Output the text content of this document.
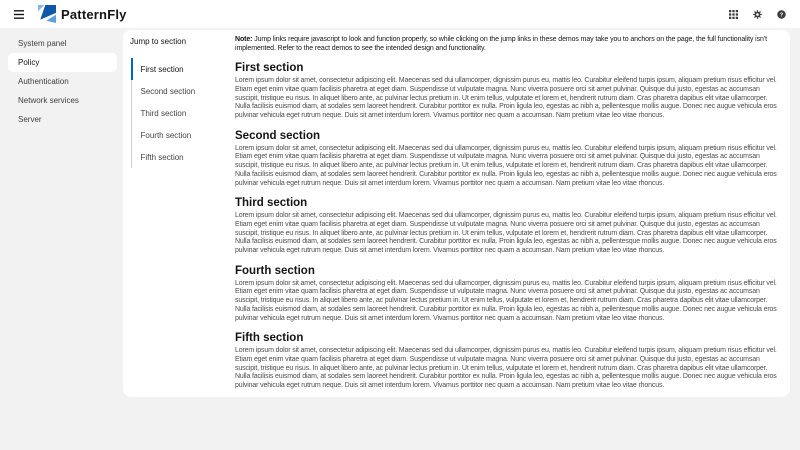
PatternFly	?
System panel
Policy
Authentication
Network services
Server
Jump to section
First section
Second section
Third section
Fourth section
Fifth section

Note: Jump links require javascript to look and function properly, so while clicking on the jump links in these demos may take you to anchors on the page, the full functionality isn't implemented. Refer to the react demos to see the intended design and functionality.

First section

Lorem ipsum dolor sit amet, consectetur adipiscing elit. Maecenas sed dui ullamcorper, dignissim purus eu, mattis leo. Curabitur eleifend turpis ipsum, aliquam pretium risus efficitur vel. Etiam eget enim vitae quam facilisis pharetra at eget diam. Suspendisse ut vulputate magna. Nunc viverra posuere orci sit amet pulvinar. Quisque dui justo, egestas ac accumsan suscipit, tristique eu risus. In aliquet libero ante, ac pulvinar lectus pretium in. Ut enim tellus, vulputate et lorem et, hendrerit rutrum diam. Cras pharetra dapibus elit vitae ullamcorper. Nulla facilisis euismod diam, at sodales sem laoreet hendrerit. Curabitur porttitor ex nulla. Proin ligula leo, egestas ac nibh a, pellentesque mollis augue. Donec nec augue vehicula eros pulvinar vehicula eget rutrum neque. Duis sit amet interdum lorem. Vivamus porttitor nec quam a accumsan. Nam pretium vitae leo vitae rhoncus.

Second section

Lorem ipsum dolor sit amet, consectetur adipiscing elit. Maecenas sed dui ullamcorper, dignissim purus eu, mattis leo. Curabitur eleifend turpis ipsum, aliquam pretium risus efficitur vel. Etiam eget enim vitae quam facilisis pharetra at eget diam. Suspendisse ut vulputate magna. Nunc viverra posuere orci sit amet pulvinar. Quisque dui justo, egestas ac accumsan suscipit, tristique eu risus. In aliquet libero ante, ac pulvinar lectus pretium in. Ut enim tellus, vulputate et lorem et, hendrerit rutrum diam. Cras pharetra dapibus elit vitae ullamcorper. Nulla facilisis euismod diam, at sodales sem laoreet hendrerit. Curabitur porttitor ex nulla. Proin ligula leo, egestas ac nibh a, pellentesque mollis augue. Donec nec augue vehicula eros pulvinar vehicula eget rutrum neque. Duis sit amet interdum lorem. Vivamus porttitor nec quam a accumsan. Nam pretium vitae leo vitae rhoncus.

Third section

Lorem ipsum dolor sit amet, consectetur adipiscing elit. Maecenas sed dui ullamcorper, dignissim purus eu, mattis leo. Curabitur eleifend turpis ipsum, aliquam pretium risus efficitur vel. Etiam eget enim vitae quam facilisis pharetra at eget diam. Suspendisse ut vulputate magna. Nunc viverra posuere orci sit amet pulvinar. Quisque dui justo, egestas ac accumsan suscipit, tristique eu risus. In aliquet libero ante, ac pulvinar lectus pretium in. Ut enim tellus, vulputate et lorem et, hendrerit rutrum diam. Cras pharetra dapibus elit vitae ullamcorper. Nulla facilisis euismod diam, at sodales sem laoreet hendrerit. Curabitur porttitor ex nulla. Proin ligula leo, egestas ac nibh a, pellentesque mollis augue. Donec nec augue vehicula eros pulvinar vehicula eget rutrum neque. Duis sit amet interdum lorem. Vivamus porttitor nec quam a accumsan. Nam pretium vitae leo vitae rhoncus.

Fourth section

Lorem ipsum dolor sit amet, consectetur adipiscing elit. Maecenas sed dui ullamcorper, dignissim purus eu, mattis leo. Curabitur eleifend turpis ipsum, aliquam pretium risus efficitur vel. Etiam eget enim vitae quam facilisis pharetra at eget diam. Suspendisse ut vulputate magna. Nunc viverra posuere orci sit amet pulvinar. Quisque dui justo, egestas ac accumsan suscipit, tristique eu risus. In aliquet libero ante, ac pulvinar lectus pretium in. Ut enim tellus, vulputate et lorem et, hendrerit rutrum diam. Cras pharetra dapibus elit vitae ullamcorper. Nulla facilisis euismod diam, at sodales sem laoreet hendrerit. Curabitur porttitor ex nulla. Proin ligula leo, egestas ac nibh a, pellentesque mollis augue. Donec nec augue vehicula eros pulvinar vehicula eget rutrum neque. Duis sit amet interdum lorem. Vivamus porttitor nec quam a accumsan. Nam pretium vitae leo vitae rhoncus.

Fifth section

Lorem ipsum dolor sit amet, consectetur adipiscing elit. Maecenas sed dui ullamcorper, dignissim purus eu, mattis leo. Curabitur eleifend turpis ipsum, aliquam pretium risus efficitur vel. Etiam eget enim vitae quam facilisis pharetra at eget diam. Suspendisse ut vulputate magna. Nunc viverra posuere orci sit amet pulvinar. Quisque dui justo, egestas ac accumsan suscipit, tristique eu risus. In aliquet libero ante, ac pulvinar lectus pretium in. Ut enim tellus, vulputate et lorem et, hendrerit rutrum diam. Cras pharetra dapibus elit vitae ullamcorper. Nulla facilisis euismod diam, at sodales sem laoreet hendrerit. Curabitur porttitor ex nulla. Proin ligula leo, egestas ac nibh a, pellentesque mollis augue. Donec nec augue vehicula eros pulvinar vehicula eget rutrum neque. Duis sit amet interdum lorem. Vivamus porttitor nec quam a accumsan. Nam pretium vitae leo vitae rhoncus.
